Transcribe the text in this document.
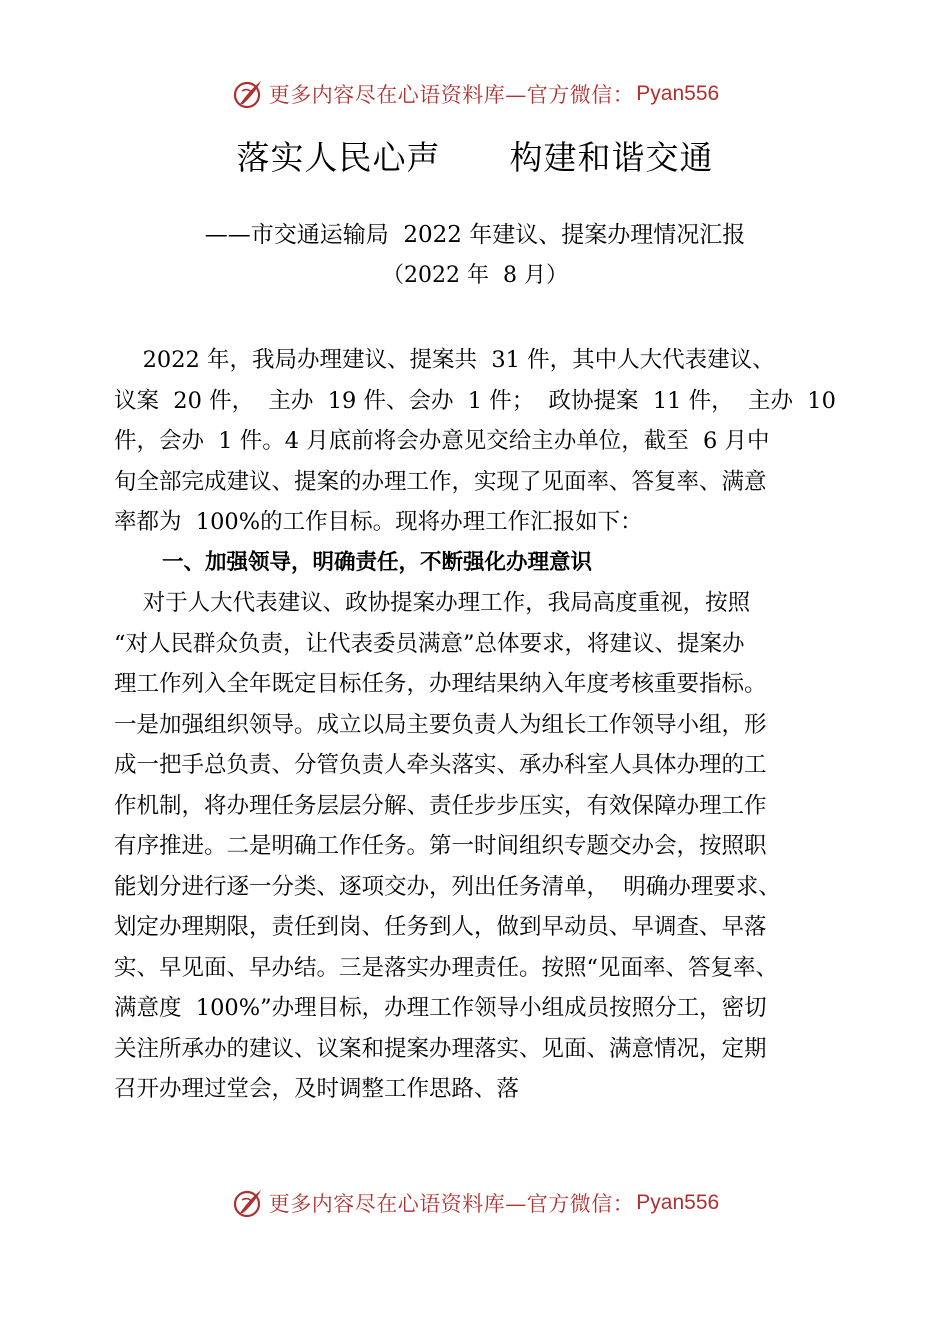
更多内容尽在心语资料库—官方微信： Pyan556
落实人民心声      构建和谐交通
——市交通运输局  2022 年建议、提案办理情况汇报
（2022 年  8 月）
2022 年，我局办理建议、提案共  31 件，其中人大代表建议、
议案  20 件，  主办  19 件、会办  1 件；  政协提案  11 件，  主办  10
件，会办  1 件。4 月底前将会办意见交给主办单位，截至  6 月中
旬全部完成建议、提案的办理工作，实现了见面率、答复率、满意
率都为  100%的工作目标。现将办理工作汇报如下：
一、加强领导，明确责任，不断强化办理意识
对于人大代表建议、政协提案办理工作，我局高度重视，按照
“对人民群众负责，让代表委员满意”总体要求，将建议、提案办
理工作列入全年既定目标任务，办理结果纳入年度考核重要指标。
一是加强组织领导。成立以局主要负责人为组长工作领导小组，形
成一把手总负责、分管负责人牵头落实、承办科室人具体办理的工
作机制，将办理任务层层分解、责任步步压实，有效保障办理工作
有序推进。二是明确工作任务。第一时间组织专题交办会，按照职
能划分进行逐一分类、逐项交办，列出任务清单，  明确办理要求、
划定办理期限，责任到岗、任务到人，做到早动员、早调查、早落
实、早见面、早办结。三是落实办理责任。按照“见面率、答复率、
满意度  100%”办理目标，办理工作领导小组成员按照分工，密切
关注所承办的建议、议案和提案办理落实、见面、满意情况，定期
召开办理过堂会，及时调整工作思路、落
更多内容尽在心语资料库—官方微信： Pyan556
